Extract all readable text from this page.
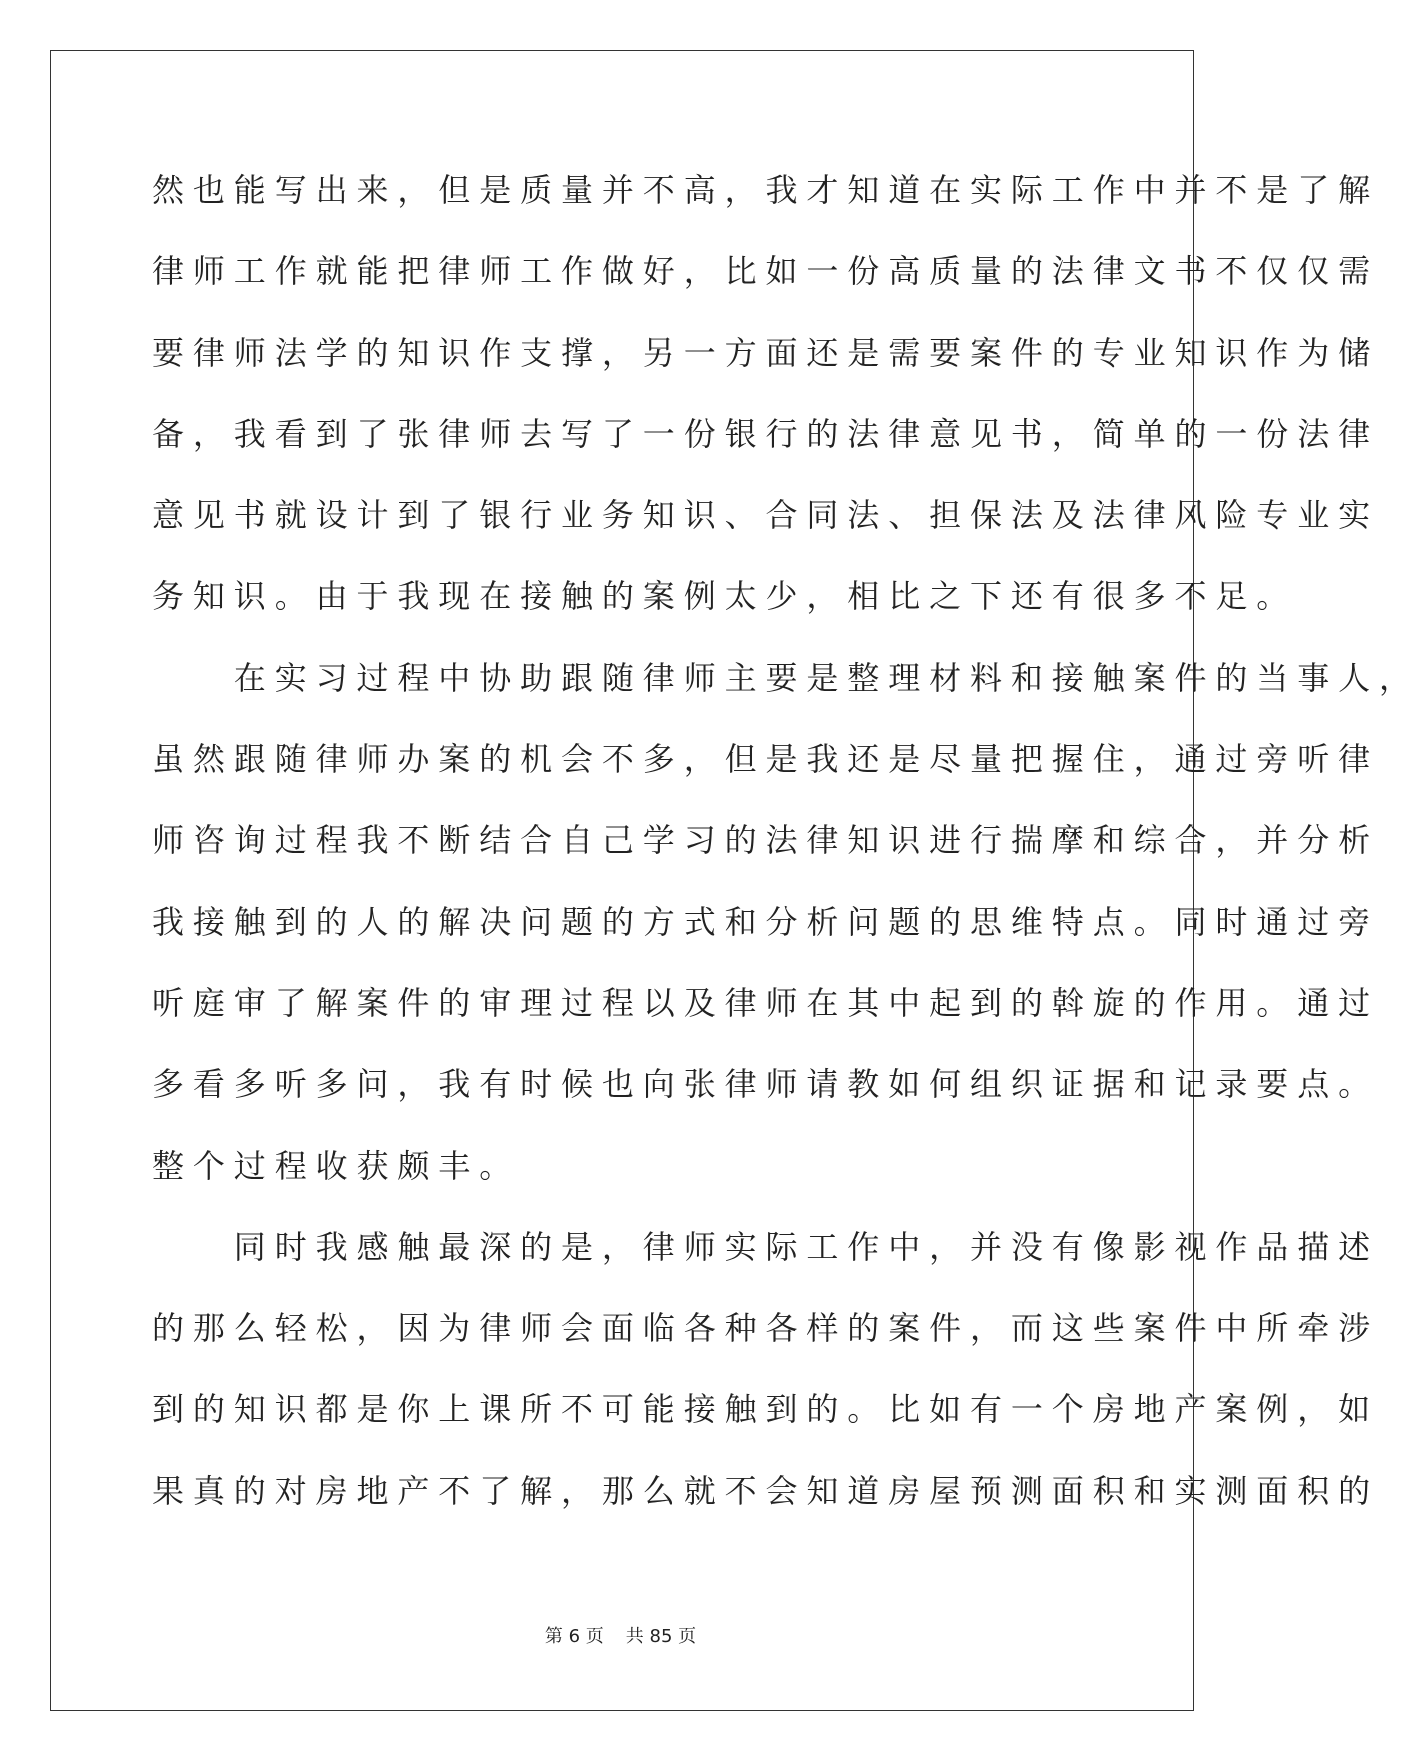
然也能写出来，但是质量并不高，我才知道在实际工作中并不是了解
律师工作就能把律师工作做好，比如一份高质量的法律文书不仅仅需
要律师法学的知识作支撑，另一方面还是需要案件的专业知识作为储
备，我看到了张律师去写了一份银行的法律意见书，简单的一份法律
意见书就设计到了银行业务知识、合同法、担保法及法律风险专业实
务知识。由于我现在接触的案例太少，相比之下还有很多不足。
　　在实习过程中协助跟随律师主要是整理材料和接触案件的当事人，
虽然跟随律师办案的机会不多，但是我还是尽量把握住，通过旁听律
师咨询过程我不断结合自己学习的法律知识进行揣摩和综合，并分析
我接触到的人的解决问题的方式和分析问题的思维特点。同时通过旁
听庭审了解案件的审理过程以及律师在其中起到的斡旋的作用。通过
多看多听多问，我有时候也向张律师请教如何组织证据和记录要点。
整个过程收获颇丰。
　　同时我感触最深的是，律师实际工作中，并没有像影视作品描述
的那么轻松，因为律师会面临各种各样的案件，而这些案件中所牵涉
到的知识都是你上课所不可能接触到的。比如有一个房地产案例，如
果真的对房地产不了解，那么就不会知道房屋预测面积和实测面积的
第 6 页 共 85 页
